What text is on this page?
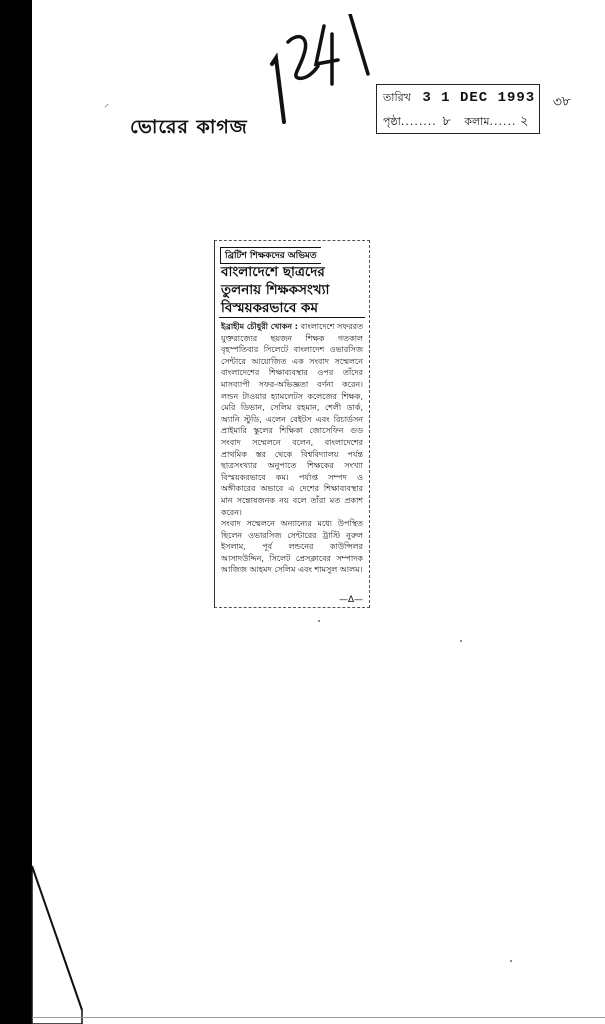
⸍
ভোরের কাগজ
তারিখ 3 1 DEC 1993
পৃষ্ঠা........ ৮ কলাম...... ২
৩৮
ব্রিটিশ শিক্ষকদের অভিমত
বাংলাদেশে ছাত্রদের তুলনায় শিক্ষকসংখ্যা বিস্ময়করভাবে কম

ইব্রাহীম চৌধুরী খোকন : বাংলাদেশে সফররত যুক্তরাজ্যের ছয়জন শিক্ষক গতকাল বৃহস্পতিবার সিলেটে বাংলাদেশ ওভারসিজ সেন্টারে আয়োজিত এক সংবাদ সম্মেলনে বাংলাদেশের শিক্ষাব্যবস্থার ওপর তাঁদের মাসব্যাপী সফর-অভিজ্ঞতা বর্ণনা করেন। লন্ডন টাওয়ার হ্যামলেটস কলেজের শিক্ষক, মেরি ডিভান, সেলিম রহমান, শেলী ডার্ক, অ্যানি স্টুডি, এলেন বেইটস এবং রিচার্ডসন প্রাইমারি স্কুলের শিক্ষিকা জোসেফিন গুড সংবাদ সম্মেলনে বলেন, বাংলাদেশের প্রাথমিক স্তর থেকে বিশ্ববিদ্যালয় পর্যন্ত ছাত্রসংখ্যার অনুপাতে শিক্ষকের সংখ্যা বিস্ময়করভাবে কম। পর্যাপ্ত সম্পদ ও অঙ্গীকারের অভাবে এ দেশের শিক্ষাব্যবস্থার মান সন্তোষজনক নয় বলে তাঁরা মত প্রকাশ করেন।

সংবাদ সম্মেলনে অন্যান্যের মধ্যে উপস্থিত ছিলেন ওভারসিজ সেন্টারের ট্রাস্টি নুরুল ইসলাম, পূর্ব লন্ডনের কাউন্সিলর আসাদউদ্দিন, সিলেট প্রেসক্লাবের সম্পাদক আজিজ আহমদ সেলিম এবং শামসুল আলম।

—∆—
